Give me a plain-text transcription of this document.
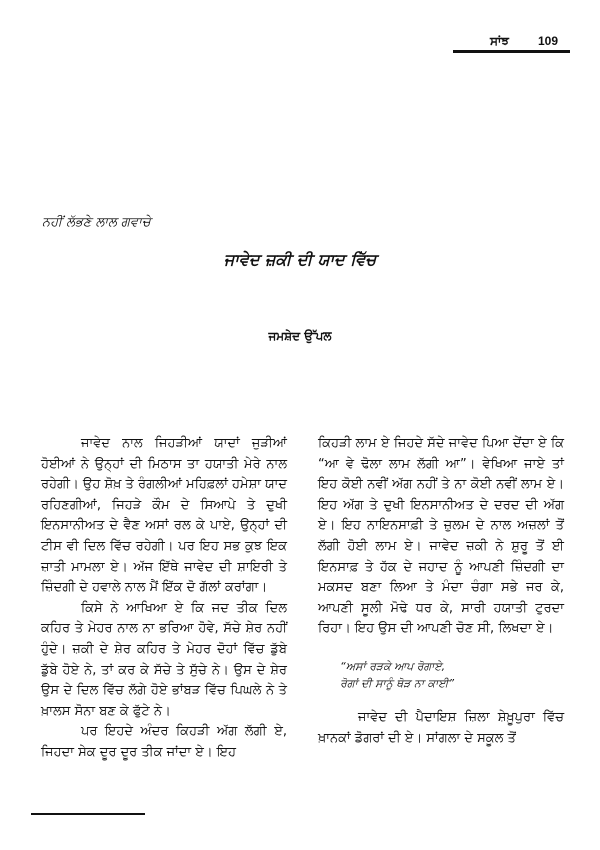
ਸਾਂਝ 109
ਨਹੀਂ ਲੱਭਣੇ ਲਾਲ ਗਵਾਚੇ
ਜਾਵੇਦ ਜ਼ਕੀ ਦੀ ਯਾਦ ਵਿੱਚ
ਜਮਸ਼ੇਦ ਉੱਪਲ

ਜਾਵੇਦ ਨਾਲ ਜਿਹੜੀਆਂ ਯਾਦਾਂ ਜੁੜੀਆਂ ਹੋਈਆਂ ਨੇ ਉਨ੍ਹਾਂ ਦੀ ਮਿਠਾਸ ਤਾ ਹਯਾਤੀ ਮੇਰੇ ਨਾਲ ਰਹੇਗੀ। ਉਹ ਸ਼ੋਖ਼ ਤੇ ਰੰਗਲੀਆਂ ਮਹਿਫ਼ਲਾਂ ਹਮੇਸ਼ਾ ਯਾਦ ਰਹਿਣਗੀਆਂ, ਜਿਹੜੇ ਕੌਮ ਦੇ ਸਿਆਪੇ ਤੇ ਦੁਖੀ ਇਨਸਾਨੀਅਤ ਦੇ ਵੈਣ ਅਸਾਂ ਰਲ ਕੇ ਪਾਏ, ਉਨ੍ਹਾਂ ਦੀ ਟੀਸ ਵੀ ਦਿਲ ਵਿੱਚ ਰਹੇਗੀ। ਪਰ ਇਹ ਸਭ ਕੁਝ ਇਕ ਜ਼ਾਤੀ ਮਾਮਲਾ ਏ। ਅੱਜ ਇੱਥੇ ਜਾਵੇਦ ਦੀ ਸ਼ਾਇਰੀ ਤੇ ਜ਼ਿੰਦਗੀ ਦੇ ਹਵਾਲੇ ਨਾਲ ਮੈਂ ਇੱਕ ਦੋ ਗੱਲਾਂ ਕਰਾਂਗਾ।

ਕਿਸੇ ਨੇ ਆਖਿਆ ਏ ਕਿ ਜਦ ਤੀਕ ਦਿਲ ਕਹਿਰ ਤੇ ਮੇਹਰ ਨਾਲ ਨਾ ਭਰਿਆ ਹੋਵੇ, ਸੱਚੇ ਸ਼ੇਰ ਨਹੀਂ ਹੁੰਦੇ। ਜ਼ਕੀ ਦੇ ਸ਼ੇਰ ਕਹਿਰ ਤੇ ਮੇਹਰ ਦੋਹਾਂ ਵਿੱਚ ਡੁੱਬੇ ਡੁੱਬੇ ਹੋਏ ਨੇ, ਤਾਂ ਕਰ ਕੇ ਸੱਚੇ ਤੇ ਸੁੱਚੇ ਨੇ। ਉਸ ਦੇ ਸ਼ੇਰ ਉਸ ਦੇ ਦਿਲ ਵਿੱਚ ਲੱਗੇ ਹੋਏ ਭਾਂਬੜ ਵਿੱਚ ਪਿਘਲੇ ਨੇ ਤੇ ਖ਼ਾਲਸ ਸੋਨਾ ਬਣ ਕੇ ਫੁੱਟੇ ਨੇ।

ਪਰ ਇਹਦੇ ਅੰਦਰ ਕਿਹੜੀ ਅੱਗ ਲੱਗੀ ਏ, ਜਿਹਦਾ ਸੇਕ ਦੂਰ ਦੂਰ ਤੀਕ ਜਾਂਦਾ ਏ। ਇਹ

ਕਿਹੜੀ ਲਾਮ ਏ ਜਿਹਦੇ ਸੱਦੇ ਜਾਵੇਦ ਪਿਆ ਦੇਂਦਾ ਏ ਕਿ “ਆ ਵੇ ਢੋਲਾ ਲਾਮ ਲੱਗੀ ਆ”। ਵੇਖਿਆ ਜਾਏ ਤਾਂ ਇਹ ਕੋਈ ਨਵੀਂ ਅੱਗ ਨਹੀਂ ਤੇ ਨਾ ਕੋਈ ਨਵੀਂ ਲਾਮ ਏ। ਇਹ ਅੱਗ ਤੇ ਦੁਖੀ ਇਨਸਾਨੀਅਤ ਦੇ ਦਰਦ ਦੀ ਅੱਗ ਏ। ਇਹ ਨਾਇਨਸਾਫ਼ੀ ਤੇ ਜ਼ੁਲਮ ਦੇ ਨਾਲ ਅਜ਼ਲਾਂ ਤੋਂ ਲੱਗੀ ਹੋਈ ਲਾਮ ਏ। ਜਾਵੇਦ ਜ਼ਕੀ ਨੇ ਸ਼ੁਰੂ ਤੋਂ ਈ ਇਨਸਾਫ਼ ਤੇ ਹੱਕ ਦੇ ਜਹਾਦ ਨੂੰ ਆਪਣੀ ਜ਼ਿੰਦਗੀ ਦਾ ਮਕਸਦ ਬਣਾ ਲਿਆ ਤੇ ਮੰਦਾ ਚੰਗਾ ਸਭੇ ਜਰ ਕੇ, ਆਪਣੀ ਸੂਲੀ ਮੋਢੇ ਧਰ ਕੇ, ਸਾਰੀ ਹਯਾਤੀ ਟੁਰਦਾ ਰਿਹਾ। ਇਹ ਉਸ ਦੀ ਆਪਣੀ ਚੋਣ ਸੀ, ਲਿਖਦਾ ਏ।

“ਅਸਾਂ ਰੜਕੇ ਆਪ ਰੋਗਾਏ,
ਰੋਗਾਂ ਦੀ ਸਾਨੂੰ ਥੋੜ ਨਾ ਕਾਈ”

ਜਾਵੇਦ ਦੀ ਪੈਦਾਇਸ਼ ਜ਼ਿਲਾ ਸ਼ੇਖ਼ੂਪੁਰਾ ਵਿੱਚ ਖ਼ਾਨਕਾਂ ਡੋਗਰਾਂ ਦੀ ਏ। ਸਾਂਗਲਾ ਦੇ ਸਕੂਲ ਤੋਂ
